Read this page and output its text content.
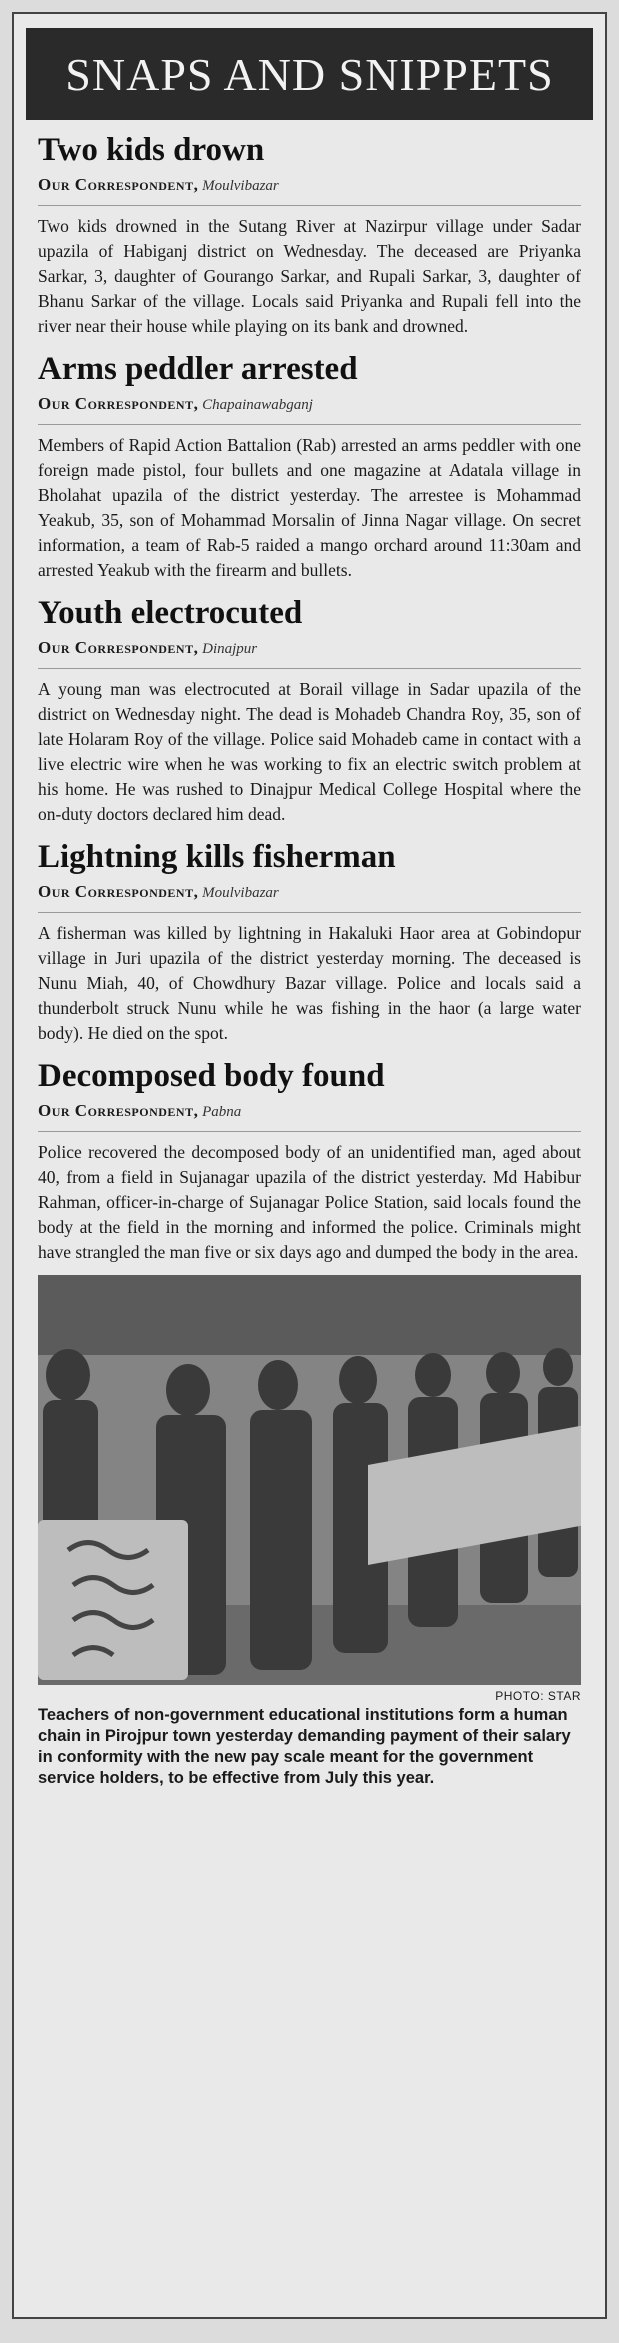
SNAPS AND SNIPPETS
Two kids drown
Our Correspondent, Moulvibazar

Two kids drowned in the Sutang River at Nazirpur village under Sadar upazila of Habiganj district on Wednesday. The deceased are Priyanka Sarkar, 3, daughter of Gourango Sarkar, and Rupali Sarkar, 3, daughter of Bhanu Sarkar of the village. Locals said Priyanka and Rupali fell into the river near their house while playing on its bank and drowned.

Arms peddler arrested
Our Correspondent, Chapainawabganj

Members of Rapid Action Battalion (Rab) arrested an arms peddler with one foreign made pistol, four bullets and one magazine at Adatala village in Bholahat upazila of the district yesterday. The arrestee is Mohammad Yeakub, 35, son of Mohammad Morsalin of Jinna Nagar village. On secret information, a team of Rab-5 raided a mango orchard around 11:30am and arrested Yeakub with the firearm and bullets.

Youth electrocuted
Our Correspondent, Dinajpur

A young man was electrocuted at Borail village in Sadar upazila of the district on Wednesday night. The dead is Mohadeb Chandra Roy, 35, son of late Holaram Roy of the village. Police said Mohadeb came in contact with a live electric wire when he was working to fix an electric switch problem at his home. He was rushed to Dinajpur Medical College Hospital where the on-duty doctors declared him dead.

Lightning kills fisherman
Our Correspondent, Moulvibazar

A fisherman was killed by lightning in Hakaluki Haor area at Gobindopur village in Juri upazila of the district yesterday morning. The deceased is Nunu Miah, 40, of Chowdhury Bazar village. Police and locals said a thunderbolt struck Nunu while he was fishing in the haor (a large water body). He died on the spot.

Decomposed body found
Our Correspondent, Pabna

Police recovered the decomposed body of an unidentified man, aged about 40, from a field in Sujanagar upazila of the district yesterday. Md Habibur Rahman, officer-in-charge of Sujanagar Police Station, said locals found the body at the field in the morning and informed the police. Criminals might have strangled the man five or six days ago and dumped the body in the area.

PHOTO: STAR
Teachers of non-government educational institutions form a human chain in Pirojpur town yesterday demanding payment of their salary in conformity with the new pay scale meant for the government service holders, to be effective from July this year.
